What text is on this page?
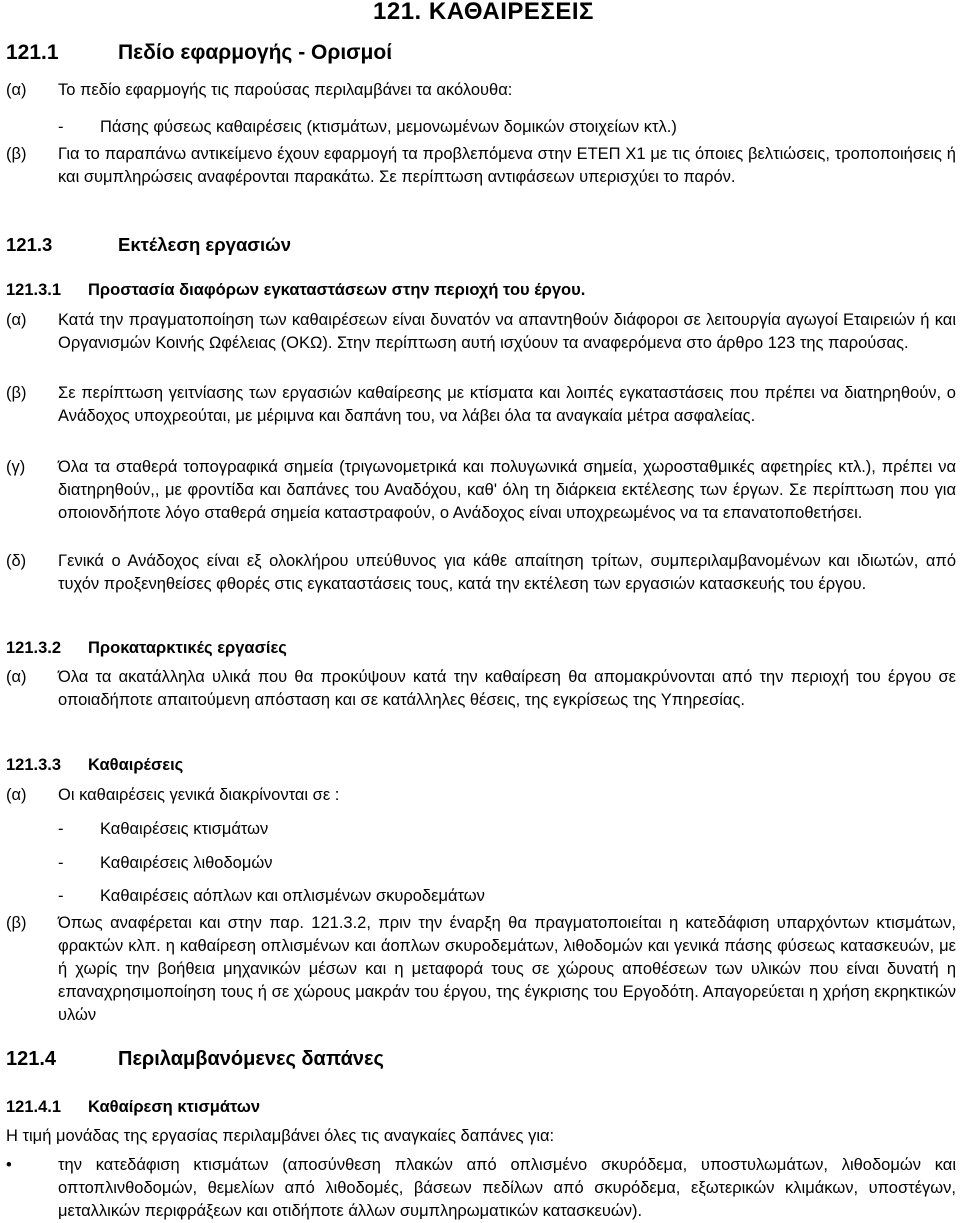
121. ΚΑΘΑΙΡΕΣΕΙΣ
121.1	Πεδίο εφαρμογής - Ορισμοί
(α) Το πεδίο εφαρμογής τις παρούσας περιλαμβάνει τα ακόλουθα:
- Πάσης φύσεως καθαιρέσεις (κτισμάτων, μεμονωμένων δομικών στοιχείων κτλ.)
(β) Για το παραπάνω αντικείμενο έχουν εφαρμογή τα προβλεπόμενα στην ΕΤΕΠ Χ1 με τις όποιες βελτιώσεις, τροποποιήσεις ή και συμπληρώσεις αναφέρονται παρακάτω. Σε περίπτωση αντιφάσεων υπερισχύει το παρόν.
121.3	Εκτέλεση εργασιών
121.3.1 Προστασία διαφόρων εγκαταστάσεων στην περιοχή του έργου.
(α) Κατά την πραγματοποίηση των καθαιρέσεων είναι δυνατόν να απαντηθούν διάφοροι σε λειτουργία αγωγοί Εταιρειών ή και Οργανισμών Κοινής Ωφέλειας (ΟΚΩ). Στην περίπτωση αυτή ισχύουν τα αναφερόμενα στο άρθρο 123 της παρούσας.
(β) Σε περίπτωση γειτνίασης των εργασιών καθαίρεσης με κτίσματα και λοιπές εγκαταστάσεις που πρέπει να διατηρηθούν, ο Ανάδοχος υποχρεούται, με μέριμνα και δαπάνη του, να λάβει όλα τα αναγκαία μέτρα ασφαλείας.
(γ) Όλα τα σταθερά τοπογραφικά σημεία (τριγωνομετρικά και πολυγωνικά σημεία, χωροσταθμικές αφετηρίες κτλ.), πρέπει να διατηρηθούν,, με φροντίδα και δαπάνες του Αναδόχου, καθ' όλη τη διάρκεια εκτέλεσης των έργων. Σε περίπτωση που για οποιονδήποτε λόγο σταθερά σημεία καταστραφούν, ο Ανάδοχος είναι υποχρεωμένος να τα επανατοποθετήσει.
(δ) Γενικά ο Ανάδοχος είναι εξ ολοκλήρου υπεύθυνος για κάθε απαίτηση τρίτων, συμπεριλαμβανομένων και ιδιωτών, από τυχόν προξενηθείσες φθορές στις εγκαταστάσεις τους, κατά την εκτέλεση των εργασιών κατασκευής του έργου.
121.3.2 Προκαταρκτικές εργασίες
(α) Όλα τα ακατάλληλα υλικά που θα προκύψουν κατά την καθαίρεση θα απομακρύνονται από την περιοχή του έργου σε οποιαδήποτε απαιτούμενη απόσταση και σε κατάλληλες θέσεις, της εγκρίσεως της Υπηρεσίας.
121.3.3 Καθαιρέσεις
(α) Οι καθαιρέσεις γενικά διακρίνονται σε :
- Καθαιρέσεις κτισμάτων
- Καθαιρέσεις λιθοδομών
- Καθαιρέσεις αόπλων και οπλισμένων σκυροδεμάτων
(β) Όπως αναφέρεται και στην παρ. 121.3.2, πριν την έναρξη θα πραγματοποιείται η κατεδάφιση υπαρχόντων κτισμάτων, φρακτών κλπ. η καθαίρεση οπλισμένων και άοπλων σκυροδεμάτων, λιθοδομών και γενικά πάσης φύσεως κατασκευών, με ή χωρίς την βοήθεια μηχανικών μέσων και η μεταφορά τους σε χώρους αποθέσεων των υλικών που είναι δυνατή η επαναχρησιμοποίηση τους ή σε χώρους μακράν του έργου, της έγκρισης του Εργοδότη. Απαγορεύεται η χρήση εκρηκτικών υλών
121.4	Περιλαμβανόμενες δαπάνες
121.4.1 Καθαίρεση κτισμάτων
Η τιμή μονάδας της εργασίας περιλαμβάνει όλες τις αναγκαίες δαπάνες για:
•	την κατεδάφιση κτισμάτων (αποσύνθεση πλακών από οπλισμένο σκυρόδεμα, υποστυλωμάτων, λιθοδομών και οπτοπλινθοδομών, θεμελίων από λιθοδομές, βάσεων πεδίλων από σκυρόδεμα, εξωτερικών κλιμάκων, υποστέγων, μεταλλικών περιφράξεων και οτιδήποτε άλλων συμπληρωματικών κατασκευών).
